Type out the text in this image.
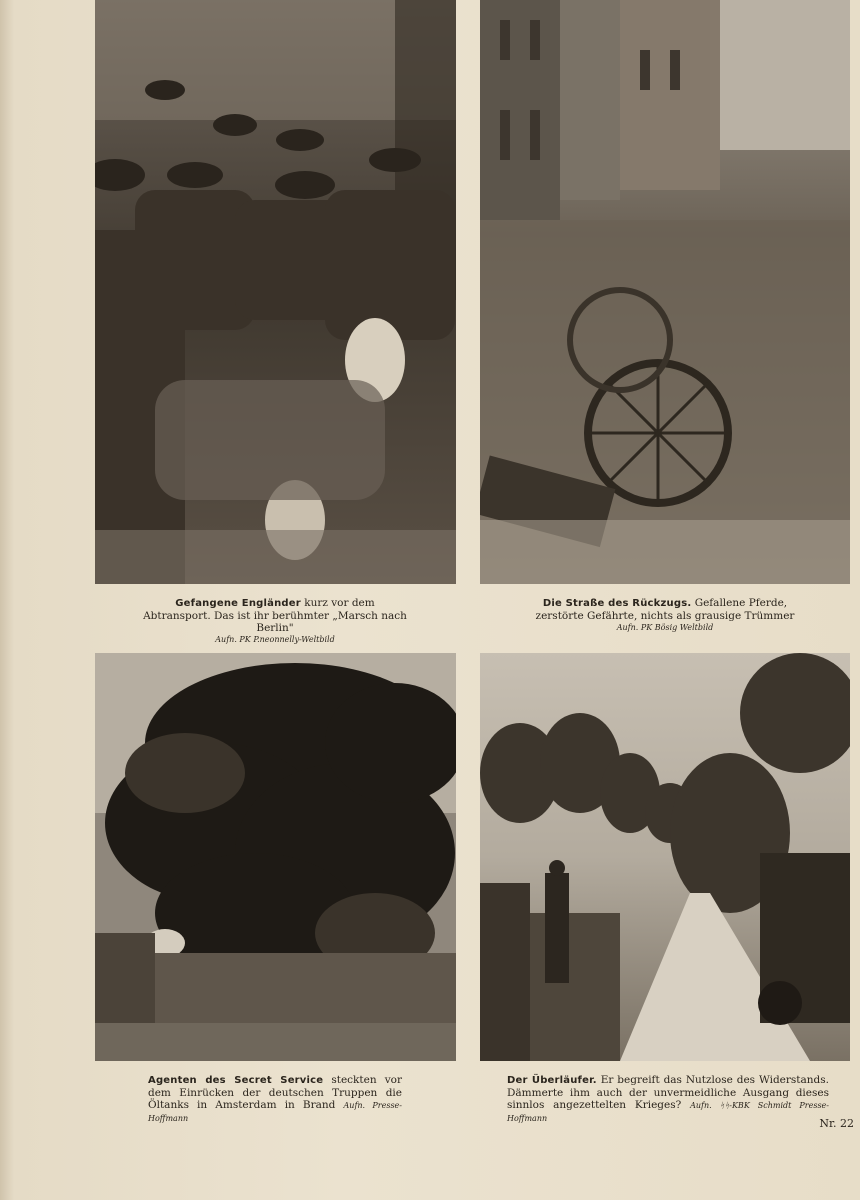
Gefangene Engländer kurz vor dem Abtransport. Das ist ihr berühmter „Marsch nach Berlin"
Aufn. PK P.neonnelly-Weltbild
Die Straße des Rückzugs. Gefallene Pferde, zerstörte Gefährte, nichts als grausige Trümmer
Aufn. PK Bösig Weltbild
Agenten des Secret Service steckten vor dem Einrücken der deutschen Truppen die Öltanks in Amsterdam in Brand Aufn. Presse-Hoffmann
Der Überläufer. Er begreift das Nutzlose des Widerstands. Dämmerte ihm auch der unvermeidliche Ausgang dieses sinnlos angezettelten Krieges? Aufn. ᛋᛋ-KBK Schmidt Presse-Hoffmann	Nr. 22
